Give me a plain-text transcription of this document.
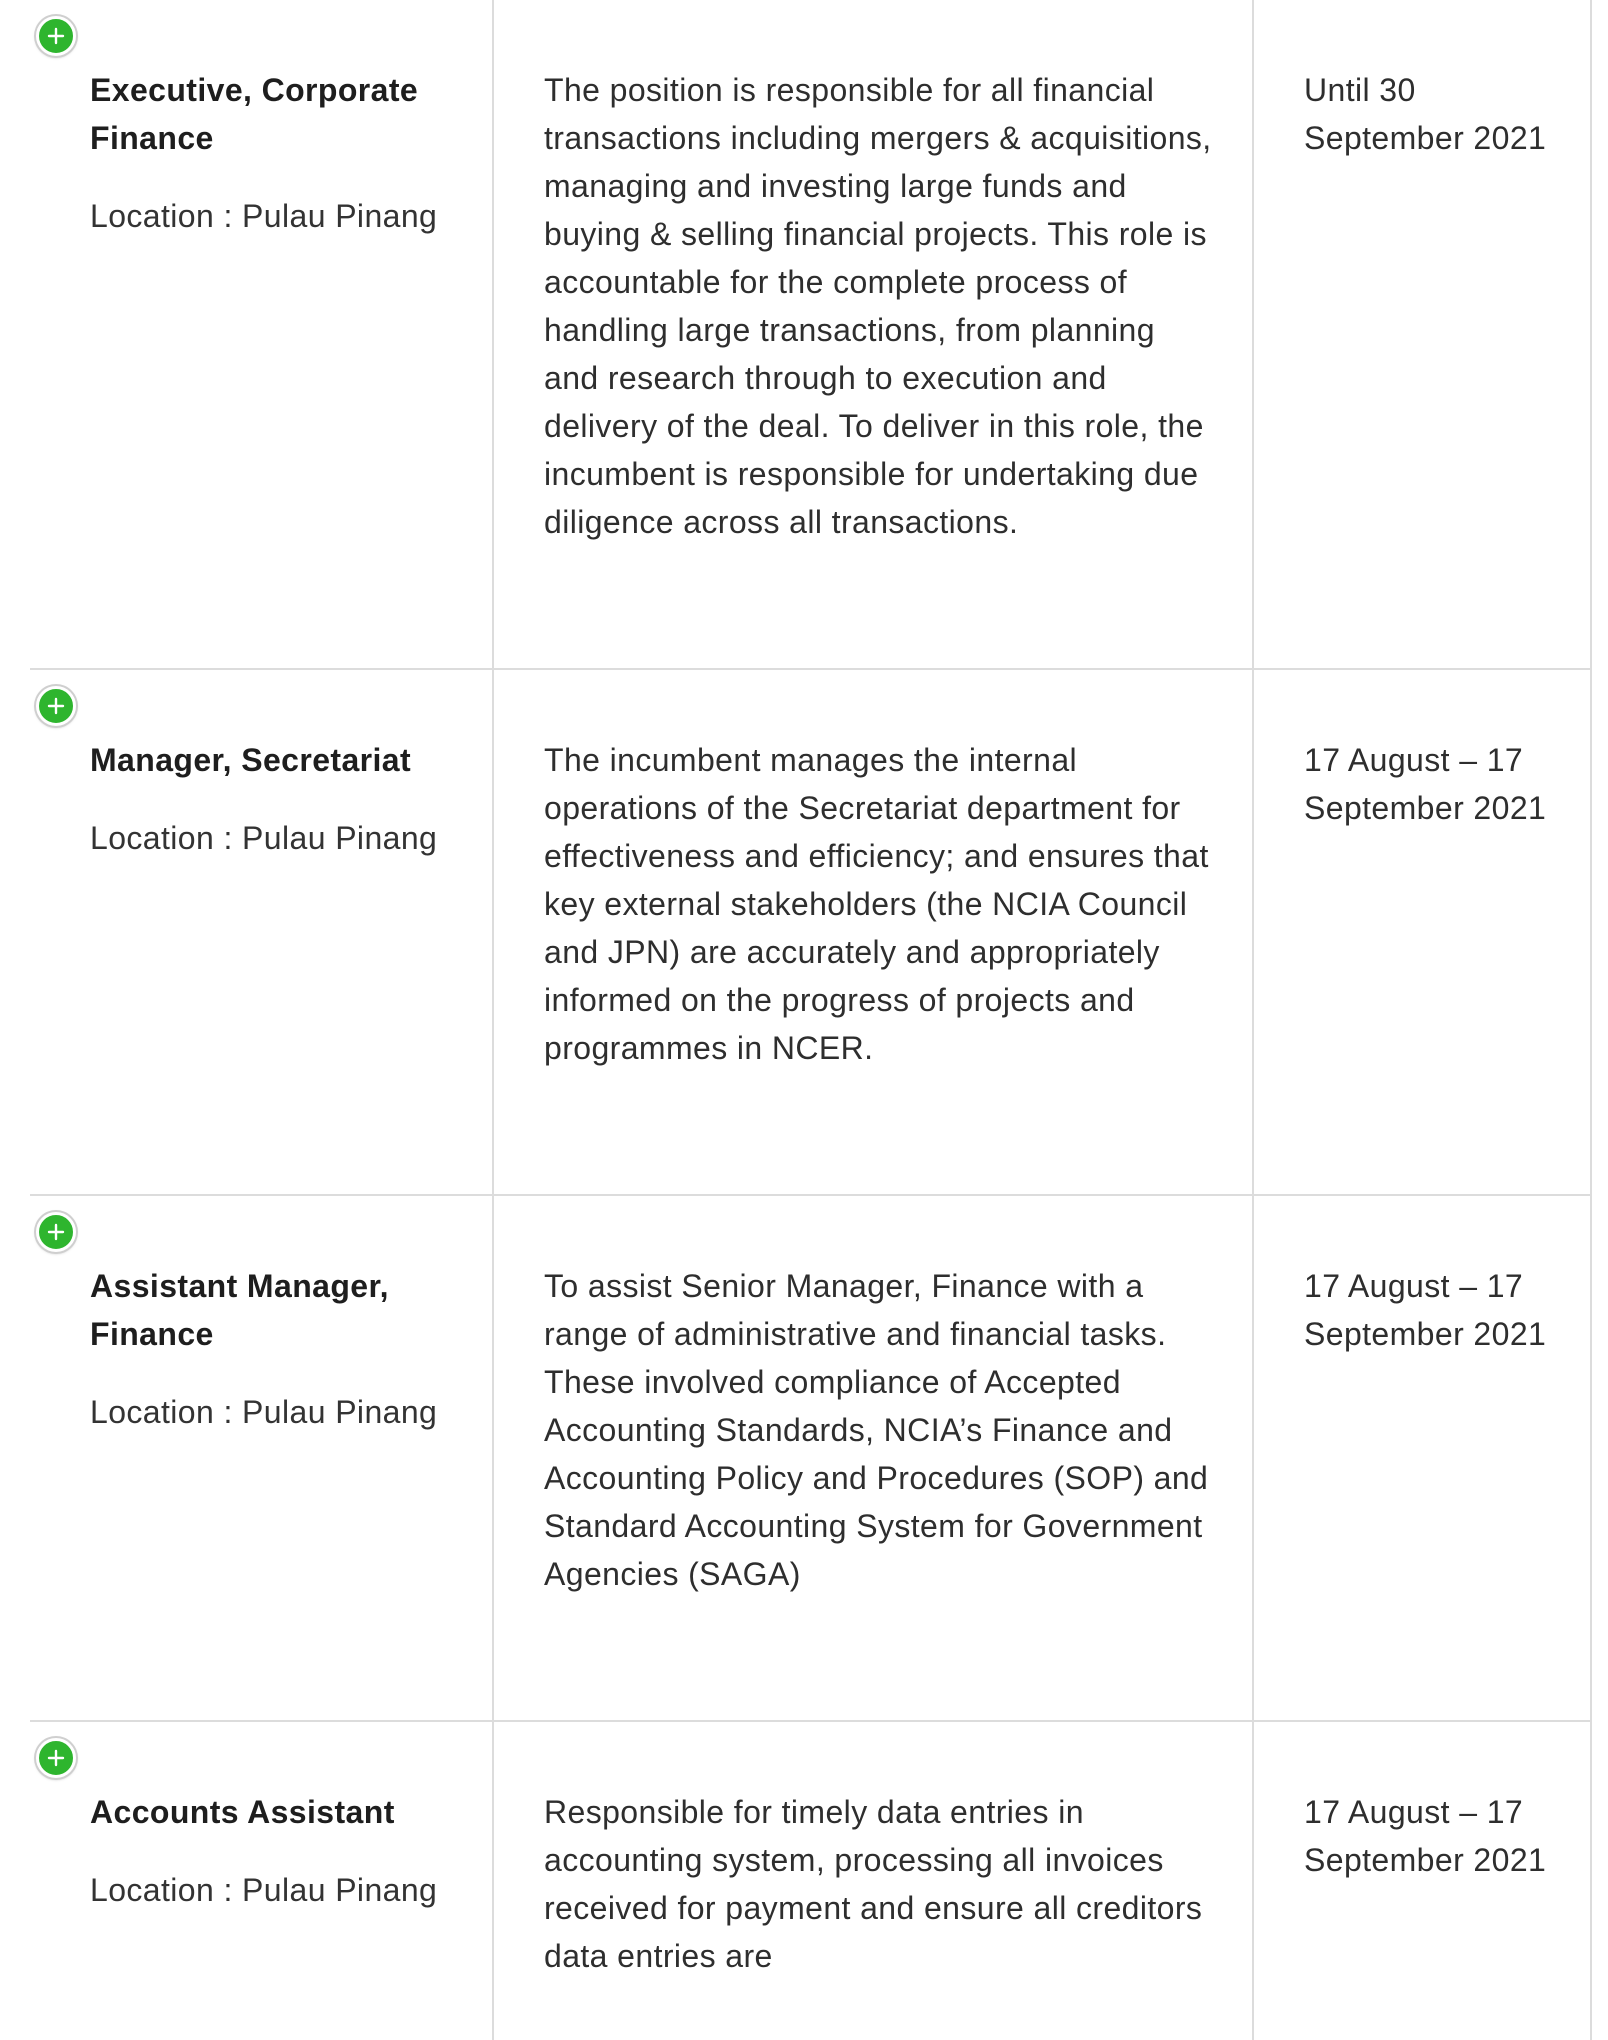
Executive, Corporate Finance
Location : Pulau Pinang
The position is responsible for all financial transactions including mergers & acquisitions, managing and investing large funds and buying & selling financial projects. This role is accountable for the complete process of handling large transactions, from planning and research through to execution and delivery of the deal. To deliver in this role, the incumbent is responsible for undertaking due diligence across all transactions.
Until 30 September 2021
Manager, Secretariat
Location : Pulau Pinang
The incumbent manages the internal operations of the Secretariat department for effectiveness and efficiency; and ensures that key external stakeholders (the NCIA Council and JPN) are accurately and appropriately informed on the progress of projects and programmes in NCER.
17 August – 17 September 2021
Assistant Manager, Finance
Location : Pulau Pinang
To assist Senior Manager, Finance with a range of administrative and financial tasks. These involved compliance of Accepted Accounting Standards, NCIA’s Finance and Accounting Policy and Procedures (SOP) and Standard Accounting System for Government Agencies (SAGA)
17 August – 17 September 2021
Accounts Assistant
Location : Pulau Pinang
Responsible for timely data entries in accounting system, processing all invoices received for payment and ensure all creditors data entries are
17 August – 17 September 2021
